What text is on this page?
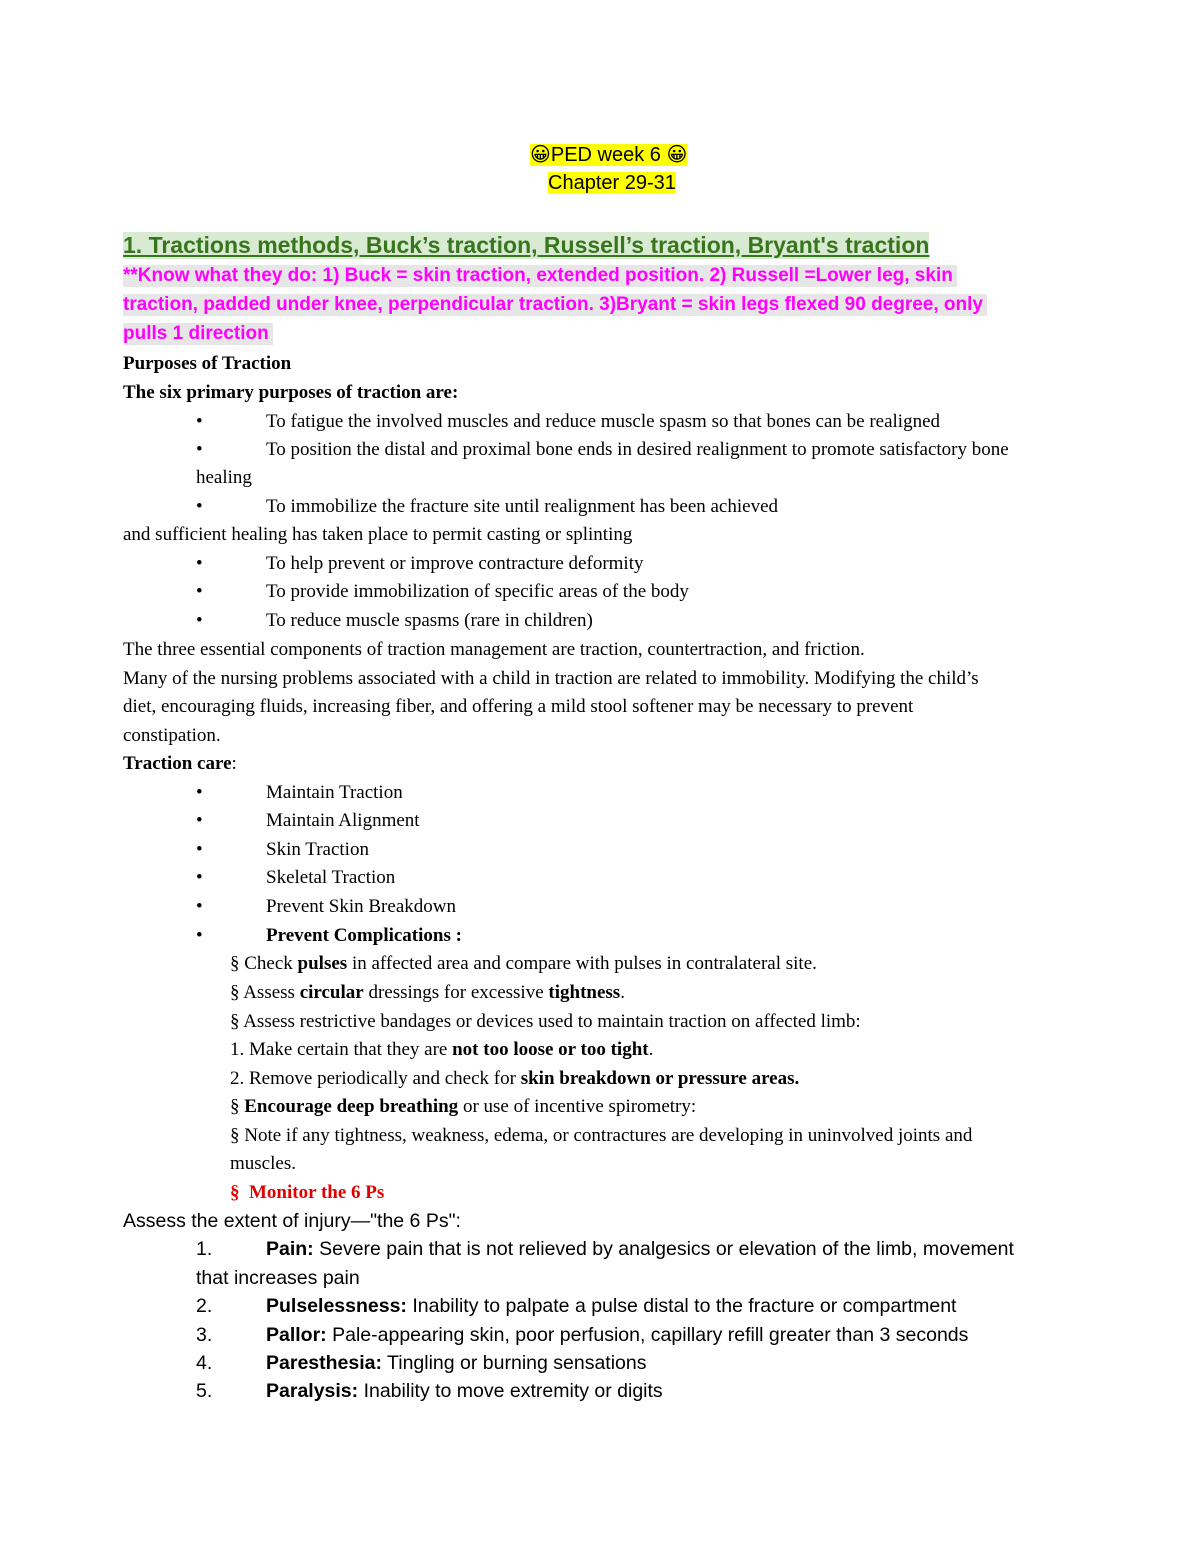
😀PED week 6 😀
Chapter 29-31
1. Tractions methods, Buck’s traction, Russell’s traction, Bryant's traction
**Know what they do: 1) Buck = skin traction, extended position. 2) Russell =Lower leg, skin
traction, padded under knee, perpendicular traction. 3)Bryant = skin legs flexed 90 degree, only
pulls 1 direction
Purposes of Traction
The six primary purposes of traction are:
•	To fatigue the involved muscles and reduce muscle spasm so that bones can be realigned
•	To position the distal and proximal bone ends in desired realignment to promote satisfactory bone
healing
•	To immobilize the fracture site until realignment has been achieved
and sufficient healing has taken place to permit casting or splinting
•	To help prevent or improve contracture deformity
•	To provide immobilization of specific areas of the body
•	To reduce muscle spasms (rare in children)
The three essential components of traction management are traction, countertraction, and friction.
Many of the nursing problems associated with a child in traction are related to immobility. Modifying the child’s
diet, encouraging fluids, increasing fiber, and offering a mild stool softener may be necessary to prevent
constipation.
Traction care:
•	Maintain Traction
•	Maintain Alignment
•	Skin Traction
•	Skeletal Traction
•	Prevent Skin Breakdown
•	Prevent Complications :
§ Check pulses in affected area and compare with pulses in contralateral site.
§ Assess circular dressings for excessive tightness.
§ Assess restrictive bandages or devices used to maintain traction on affected limb:
1. Make certain that they are not too loose or too tight.
2. Remove periodically and check for skin breakdown or pressure areas.
§ Encourage deep breathing or use of incentive spirometry:
§ Note if any tightness, weakness, edema, or contractures are developing in uninvolved joints and
muscles.
§ Monitor the 6 Ps
Assess the extent of injury—"the 6 Ps":
1.	Pain: Severe pain that is not relieved by analgesics or elevation of the limb, movement
that increases pain
2.	Pulselessness: Inability to palpate a pulse distal to the fracture or compartment
3.	Pallor: Pale-appearing skin, poor perfusion, capillary refill greater than 3 seconds
4.	Paresthesia: Tingling or burning sensations
5.	Paralysis: Inability to move extremity or digits
